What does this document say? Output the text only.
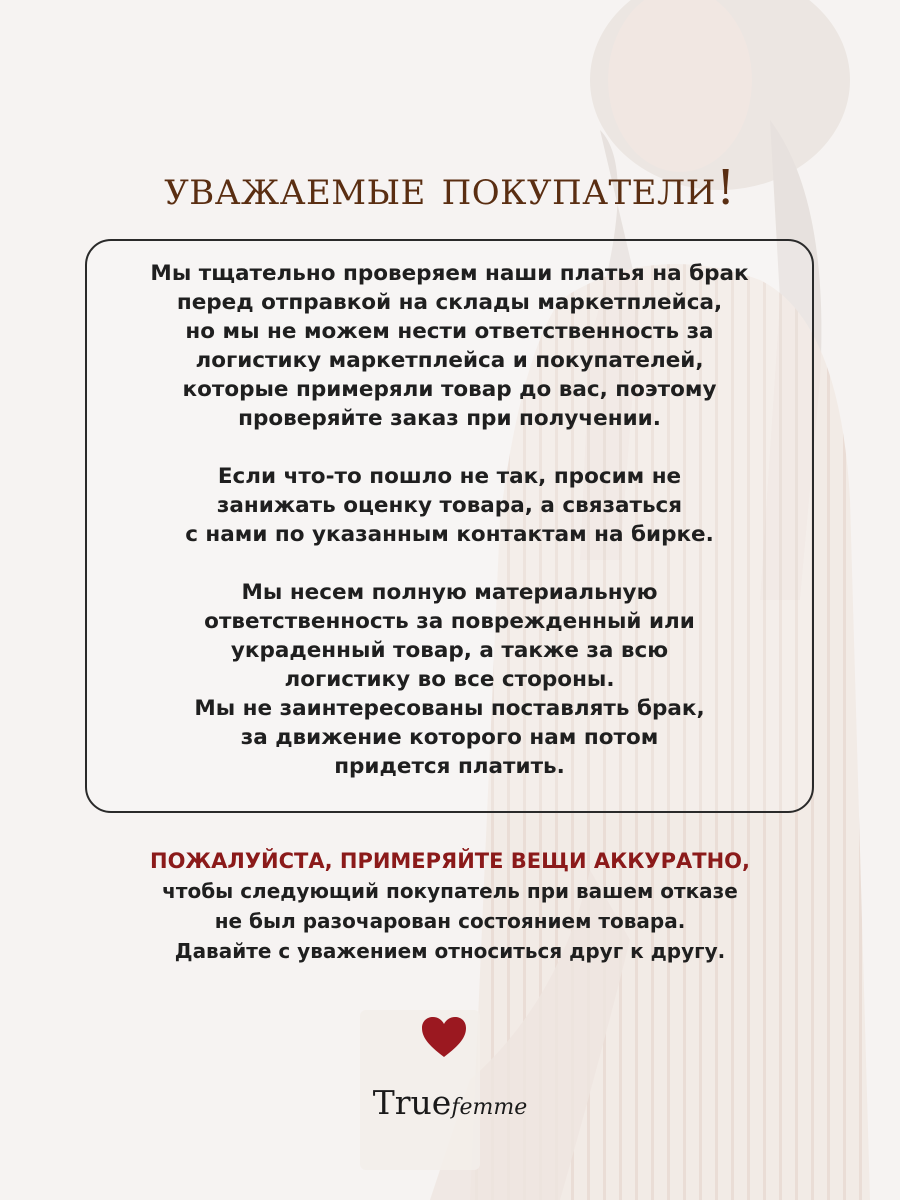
уважаемые покупатели!

Мы тщательно проверяем наши платья на брак
перед отправкой на склады маркетплейса,
но мы не можем нести ответственность за
логистику маркетплейса и покупателей,
которые примеряли товар до вас, поэтому
проверяйте заказ при получении.

Если что-то пошло не так, просим не
занижать оценку товара, а связаться
с нами по указанным контактам на бирке.

Мы несем полную материальную
ответственность за поврежденный или
украденный товар, а также за всю
логистику во все стороны.
Мы не заинтересованы поставлять брак,
за движение которого нам потом
придется платить.

ПОЖАЛУЙСТА, ПРИМЕРЯЙТЕ ВЕЩИ АККУРАТНО,
чтобы следующий покупатель при вашем отказе
не был разочарован состоянием товара.
Давайте с уважением относиться друг к другу.
Truefemme
